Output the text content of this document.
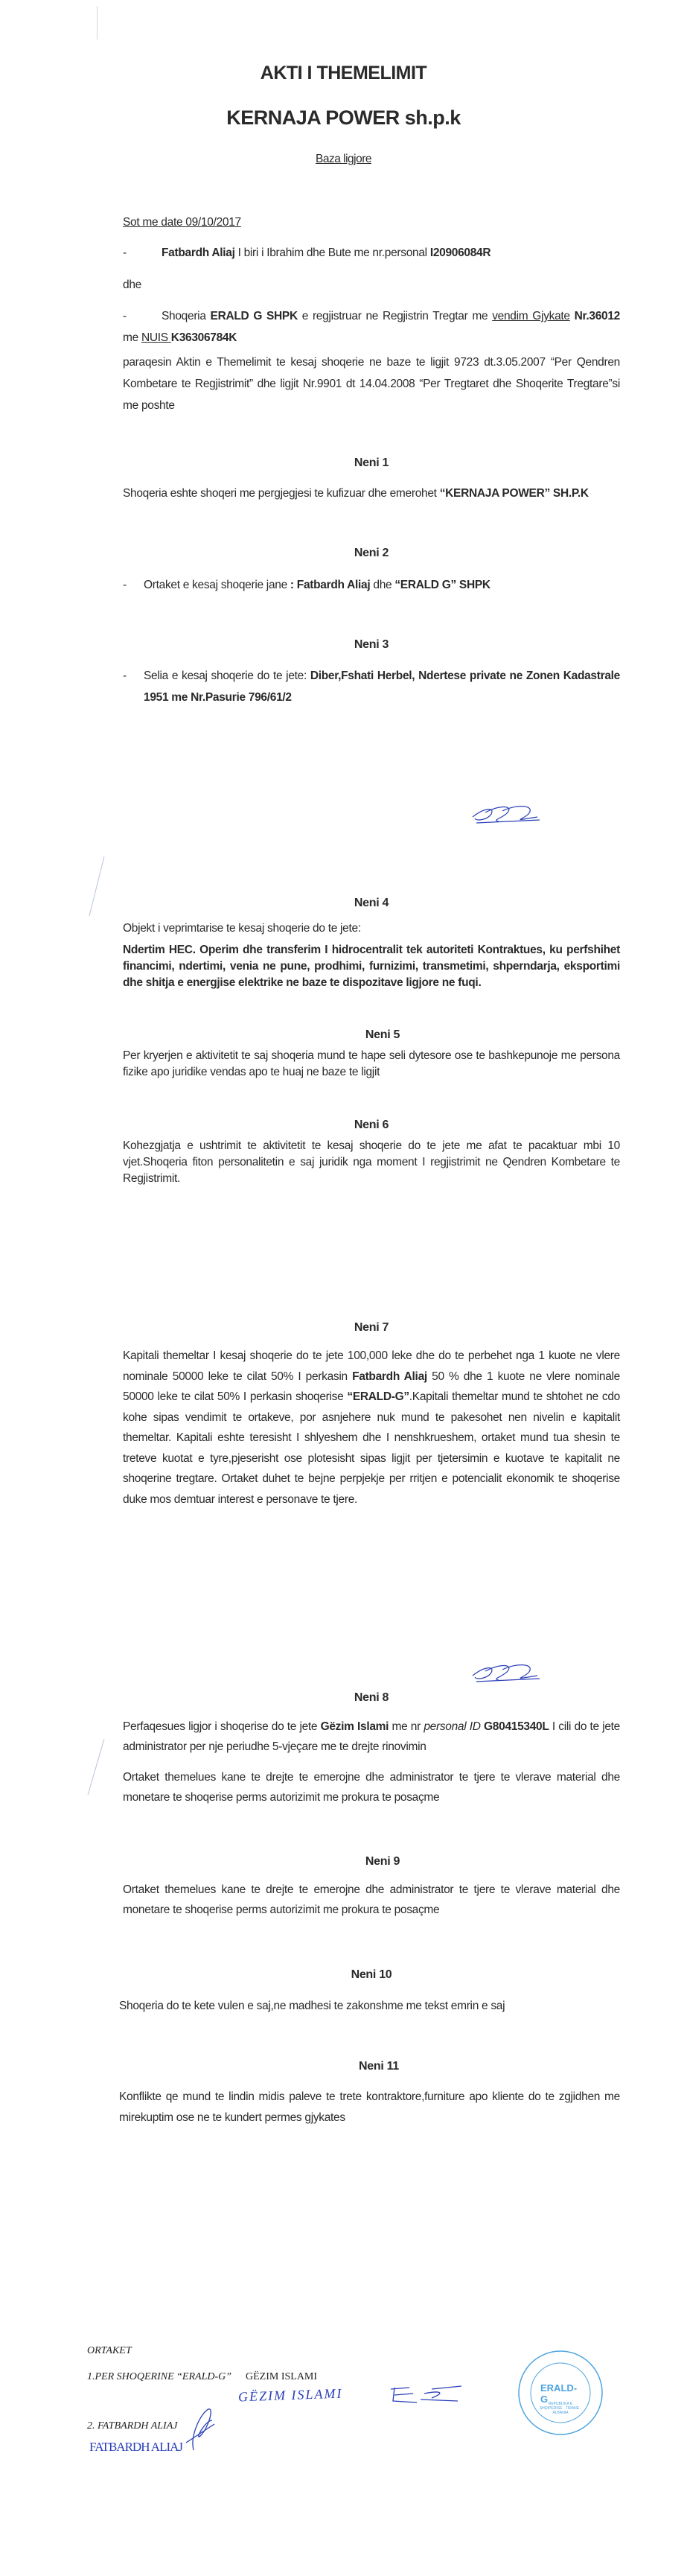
AKTI I THEMELIMIT
KERNAJA POWER sh.p.k
Baza ligjore
Sot me date 09/10/2017
-	Fatbardh Aliaj I biri i Ibrahim dhe Bute me nr.personal I20906084R
dhe
-	Shoqeria ERALD G SHPK e regjistruar ne Regjistrin Tregtar me vendim Gjykate Nr.36012 me NUIS K36306784K
paraqesin Aktin e Themelimit te kesaj shoqerie ne baze te ligjit 9723 dt.3.05.2007 “Per Qendren Kombetare te Regjistrimit” dhe ligjit Nr.9901 dt 14.04.2008 “Per Tregtaret dhe Shoqerite Tregtare”si me poshte
Neni 1
Shoqeria eshte shoqeri me pergjegjesi te kufizuar dhe emerohet “KERNAJA POWER” SH.P.K
Neni 2
- Ortaket e kesaj shoqerie jane : Fatbardh Aliaj dhe “ERALD G” SHPK
Neni 3
- Selia e kesaj shoqerie do te jete: Diber,Fshati Herbel, Ndertese private ne Zonen Kadastrale 1951 me Nr.Pasurie 796/61/2
Neni 4
Objekt i veprimtarise te kesaj shoqerie do te jete:
Ndertim HEC. Operim dhe transferim I hidrocentralit tek autoriteti Kontraktues, ku perfshihet financimi, ndertimi, venia ne pune, prodhimi, furnizimi, transmetimi, shperndarja, eksportimi dhe shitja e energjise elektrike ne baze te dispozitave ligjore ne fuqi.
Neni 5
Per kryerjen e aktivitetit te saj shoqeria mund te hape seli dytesore ose te bashkepunoje me persona fizike apo juridike vendas apo te huaj ne baze te ligjit
Neni 6
Kohezgjatja e ushtrimit te aktivitetit te kesaj shoqerie do te jete me afat te pacaktuar mbi 10 vjet.Shoqeria fiton personalitetin e saj juridik nga moment I regjistrimit ne Qendren Kombetare te Regjistrimit.
Neni 7
Kapitali themeltar I kesaj shoqerie do te jete 100,000 leke dhe do te perbehet nga 1 kuote ne vlere nominale 50000 leke te cilat 50% I perkasin Fatbardh Aliaj 50 % dhe 1 kuote ne vlere nominale 50000 leke te cilat 50% I perkasin shoqerise “ERALD-G”.Kapitali themeltar mund te shtohet ne cdo kohe sipas vendimit te ortakeve, por asnjehere nuk mund te pakesohet nen nivelin e kapitalit themeltar. Kapitali eshte teresisht I shlyeshem dhe I nenshkrueshem, ortaket mund tua shesin te treteve kuotat e tyre,pjeserisht ose plotesisht sipas ligjit per tjetersimin e kuotave te kapitalit ne shoqerine tregtare. Ortaket duhet te bejne perpjekje per rritjen e potencialit ekonomik te shoqerise duke mos demtuar interest e personave te tjere.
Neni 8
Perfaqesues ligjor i shoqerise do te jete Gëzim Islami me nr personal ID G80415340L I cili do te jete administrator per nje periudhe 5-vjeçare me te drejte rinovimin
Ortaket themelues kane te drejte te emerojne dhe administrator te tjere te vlerave material dhe monetare te shoqerise perms autorizimit me prokura te posaçme
Neni 9
Ortaket themelues kane te drejte te emerojne dhe administrator te tjere te vlerave material dhe monetare te shoqerise perms autorizimit me prokura te posaçme
Neni 10
Shoqeria do te kete vulen e saj,ne madhesi te zakonshme me tekst emrin e saj
Neni 11
Konflikte qe mund te lindin midis paleve te trete kontraktore,furniture apo kliente do te zgjidhen me mirekuptim ose ne te kundert permes gjykates
ORTAKET
1.PER SHOQERINE “ERALD-G” GËZIM ISLAMI
GËZIM ISLAMI
2. FATBARDH ALIAJ
FATBARDH ALIAJ
ERALD-G REPUBLIKA E SHQIPERISE · TIRANE - ALBANIA
